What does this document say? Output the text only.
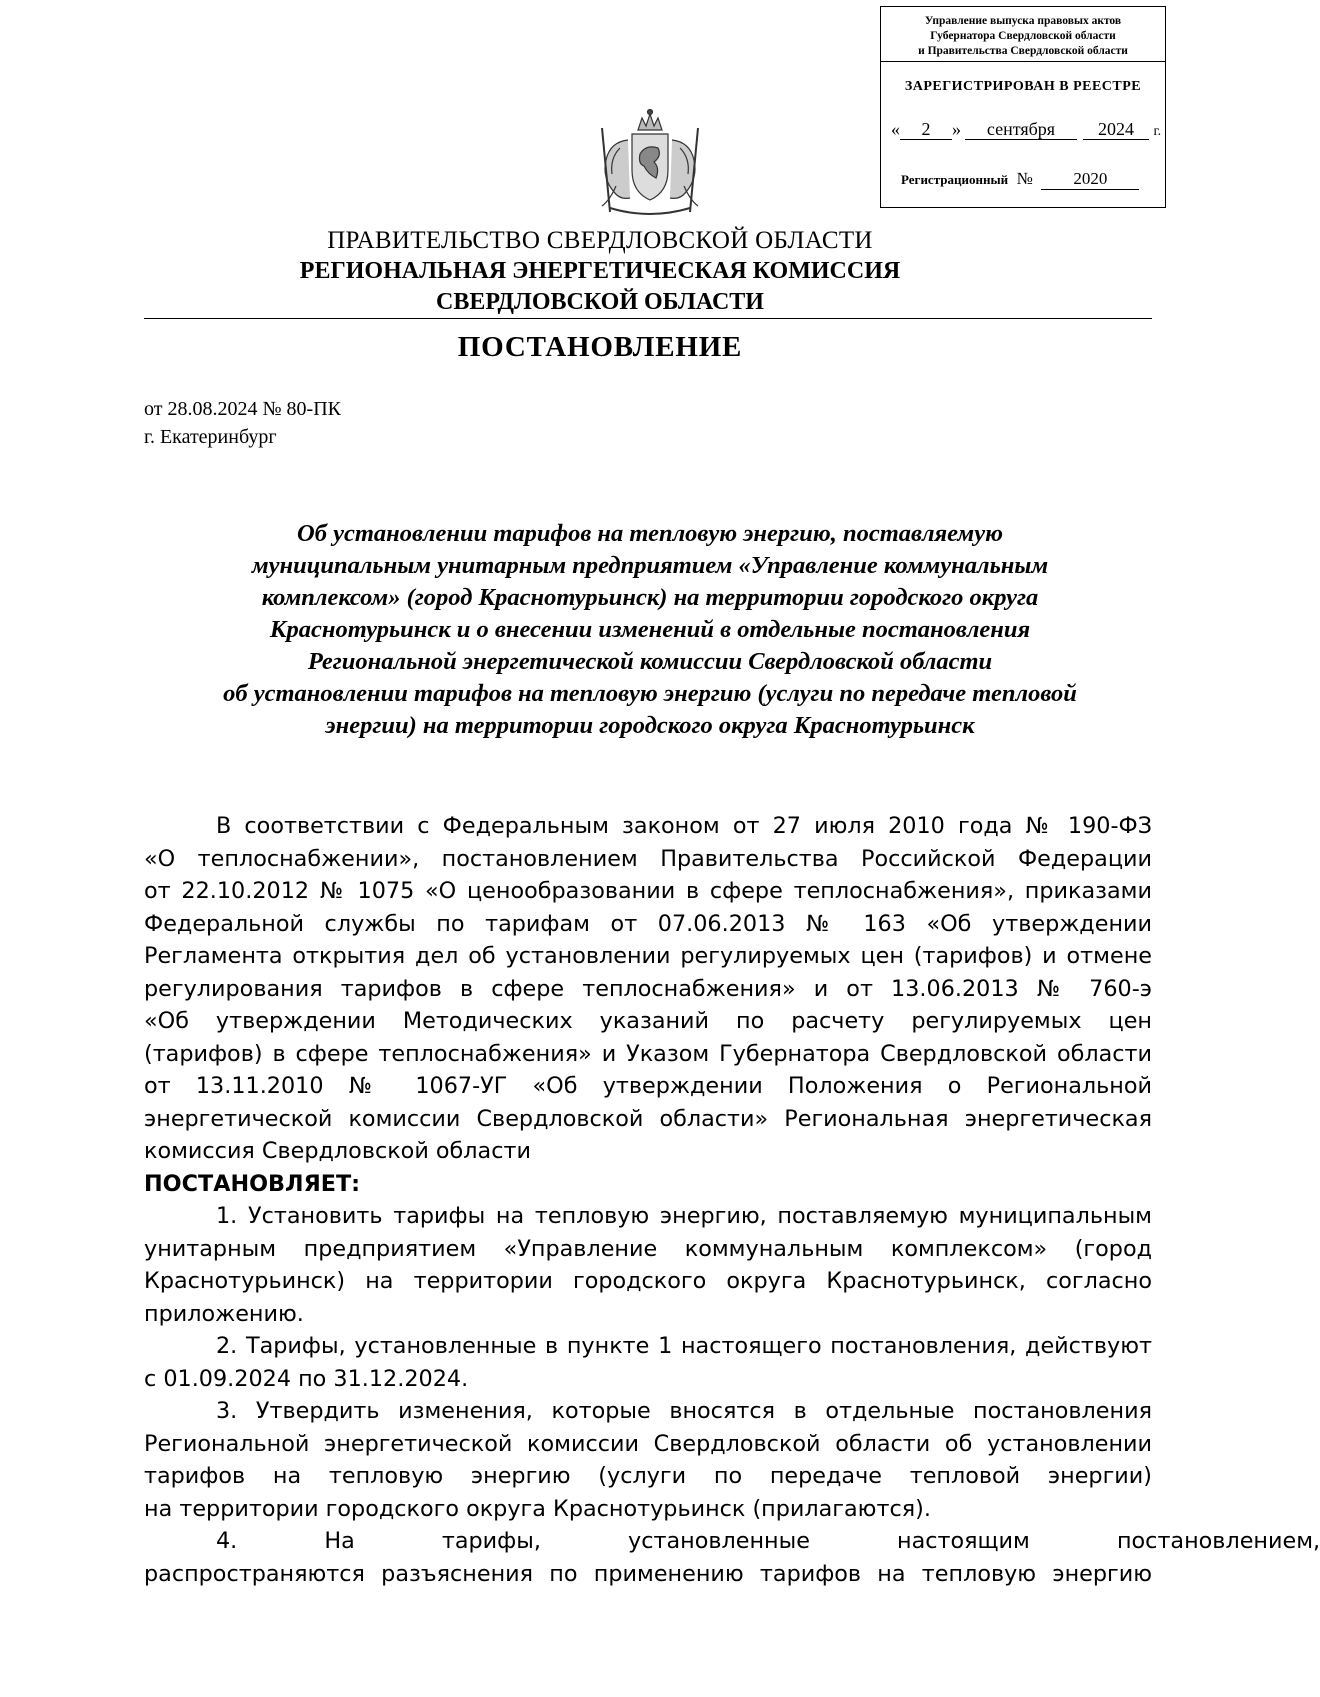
Управление выпуска правовых актов
Губернатора Свердловской области
и Правительства Свердловской области
ЗАРЕГИСТРИРОВАН В РЕЕСТРЕ
« 2 » сентября 2024 г.
Регистрационный № 2020
ПРАВИТЕЛЬСТВО СВЕРДЛОВСКОЙ ОБЛАСТИ
РЕГИОНАЛЬНАЯ ЭНЕРГЕТИЧЕСКАЯ КОМИССИЯ
СВЕРДЛОВСКОЙ ОБЛАСТИ
ПОСТАНОВЛЕНИЕ
от 28.08.2024 № 80-ПК
г. Екатеринбург
Об установлении тарифов на тепловую энергию, поставляемую
муниципальным унитарным предприятием «Управление коммунальным
комплексом» (город Краснотурьинск) на территории городского округа
Краснотурьинск и о внесении изменений в отдельные постановления
Региональной энергетической комиссии Свердловской области
об установлении тарифов на тепловую энергию (услуги по передаче тепловой
энергии) на территории городского округа Краснотурьинск
В соответствии с Федеральным законом от 27 июля 2010 года № 190-ФЗ
«О теплоснабжении», постановлением Правительства Российской Федерации
от 22.10.2012 № 1075 «О ценообразовании в сфере теплоснабжения», приказами
Федеральной службы по тарифам от 07.06.2013 № 163 «Об утверждении
Регламента открытия дел об установлении регулируемых цен (тарифов) и отмене
регулирования тарифов в сфере теплоснабжения» и от 13.06.2013 № 760-э
«Об утверждении Методических указаний по расчету регулируемых цен
(тарифов) в сфере теплоснабжения» и Указом Губернатора Свердловской области
от 13.11.2010 № 1067-УГ «Об утверждении Положения о Региональной
энергетической комиссии Свердловской области» Региональная энергетическая
комиссия Свердловской области
ПОСТАНОВЛЯЕТ:
1. Установить тарифы на тепловую энергию, поставляемую муниципальным
унитарным предприятием «Управление коммунальным комплексом» (город
Краснотурьинск) на территории городского округа Краснотурьинск, согласно
приложению.
2. Тарифы, установленные в пункте 1 настоящего постановления, действуют
с 01.09.2024 по 31.12.2024.
3. Утвердить изменения, которые вносятся в отдельные постановления
Региональной энергетической комиссии Свердловской области об установлении
тарифов на тепловую энергию (услуги по передаче тепловой энергии)
на территории городского округа Краснотурьинск (прилагаются).
4. На тарифы, установленные настоящим постановлением,
распространяются разъяснения по применению тарифов на тепловую энергию
